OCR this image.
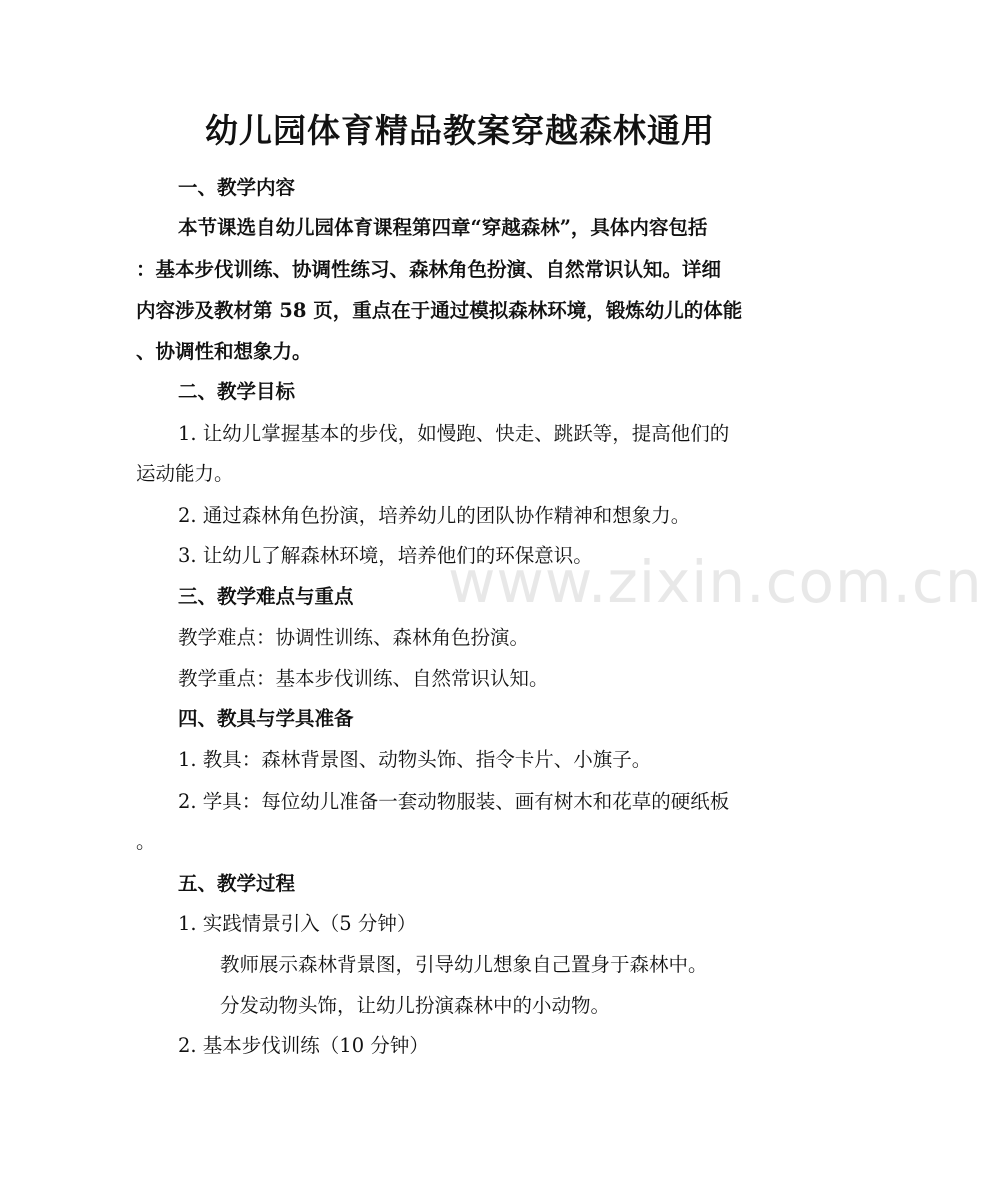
幼儿园体育精品教案穿越森林通用
www.zixin.com.cn
一、教学内容
本节课选自幼儿园体育课程第四章“穿越森林”，具体内容包括
：基本步伐训练、协调性练习、森林角色扮演、自然常识认知。详细
内容涉及教材第 58 页，重点在于通过模拟森林环境，锻炼幼儿的体能
、协调性和想象力。
二、教学目标
1. 让幼儿掌握基本的步伐，如慢跑、快走、跳跃等，提高他们的
运动能力。
2. 通过森林角色扮演，培养幼儿的团队协作精神和想象力。
3. 让幼儿了解森林环境，培养他们的环保意识。
三、教学难点与重点
教学难点：协调性训练、森林角色扮演。
教学重点：基本步伐训练、自然常识认知。
四、教具与学具准备
1. 教具：森林背景图、动物头饰、指令卡片、小旗子。
2. 学具：每位幼儿准备一套动物服装、画有树木和花草的硬纸板
。
五、教学过程
1. 实践情景引入（5 分钟）
教师展示森林背景图，引导幼儿想象自己置身于森林中。
分发动物头饰，让幼儿扮演森林中的小动物。
2. 基本步伐训练（10 分钟）
